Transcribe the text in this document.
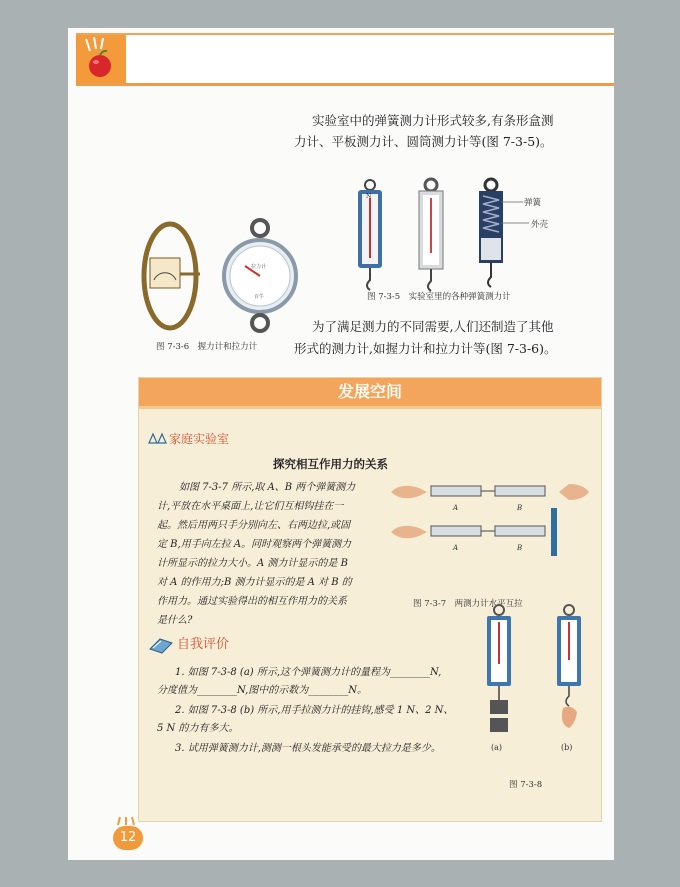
实验室中的弹簧测力计形式较多,有条形盒测
力计、平板测力计、圆筒测力计等(图 7-3-5)。
N
弹簧
外壳
图 7-3-5　实验室里的各种弹簧测力计
拉力计
百牛
图 7-3-6　握力计和拉力计
为了满足测力的不同需要,人们还制造了其他
形式的测力计,如握力计和拉力计等(图 7-3-6)。
发展空间
家庭实验室
探究相互作用力的关系
如图 7-3-7 所示,取 A、B 两个弹簧测力
计,平放在水平桌面上,让它们互相钩挂在一
起。然后用两只手分别向左、右两边拉,或固
定 B,用手向左拉 A。同时观察两个弹簧测力
计所显示的拉力大小。A 测力计显示的是 B
对 A 的作用力;B 测力计显示的是 A 对 B 的
作用力。通过实验得出的相互作用力的关系
是什么?
A	B
A	B
图 7-3-7　两测力计水平互拉
自我评价
1. 如图 7-3-8 (a) 所示,这个弹簧测力计的量程为________N,
分度值为________N,图中的示数为________N。
2. 如图 7-3-8 (b) 所示,用手拉测力计的挂钩,感受 1 N、2 N、
5 N 的力有多大。
3. 试用弹簧测力计,测测一根头发能承受的最大拉力是多少。	(a)	(b)
图 7-3-8
12
